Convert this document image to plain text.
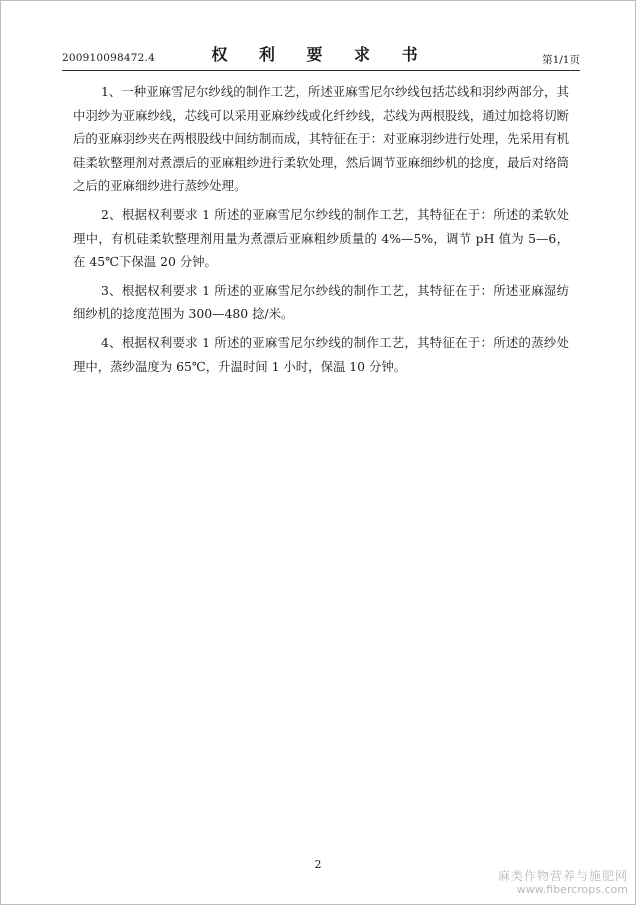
200910098472.4	权 利 要 求 书	第1/1页

1、一种亚麻雪尼尔纱线的制作工艺，所述亚麻雪尼尔纱线包括芯线和羽纱两部分，其中羽纱为亚麻纱线，芯线可以采用亚麻纱线或化纤纱线，芯线为两根股线，通过加捻将切断后的亚麻羽纱夹在两根股线中间纺制而成，其特征在于：对亚麻羽纱进行处理，先采用有机硅柔软整理剂对煮漂后的亚麻粗纱进行柔软处理，然后调节亚麻细纱机的捻度，最后对络筒之后的亚麻细纱进行蒸纱处理。

2、根据权利要求 1 所述的亚麻雪尼尔纱线的制作工艺，其特征在于：所述的柔软处理中，有机硅柔软整理剂用量为煮漂后亚麻粗纱质量的 4%—5%，调节 pH 值为 5—6，在 45℃下保温 20 分钟。

3、根据权利要求 1 所述的亚麻雪尼尔纱线的制作工艺，其特征在于：所述亚麻湿纺细纱机的捻度范围为 300—480 捻/米。

4、根据权利要求 1 所述的亚麻雪尼尔纱线的制作工艺，其特征在于：所述的蒸纱处理中，蒸纱温度为 65℃，升温时间 1 小时，保温 10 分钟。

2
麻类作物营养与施肥网
www.fibercrops.com
